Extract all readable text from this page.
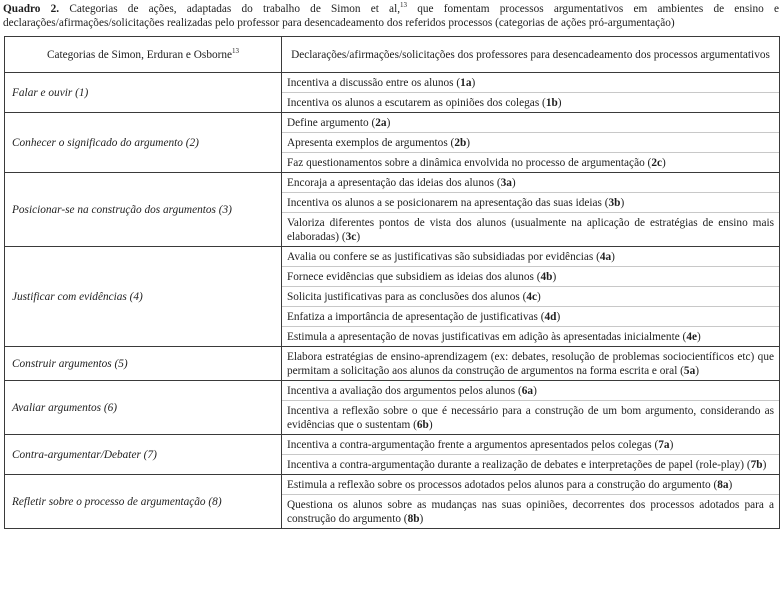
Quadro 2. Categorias de ações, adaptadas do trabalho de Simon et al,$^{13}$ que fomentam processos argumentativos em ambientes de ensino e declarações/afirmações/solicitações realizadas pelo professor para desencadeamento dos referidos processos (categorias de ações pró-argumentação)
Categorias de Simon, Erduran e Osborne$^{13}$	Declarações/afirmações/solicitações dos professores para desencadeamento dos processos argumentativos
Falar e ouvir (1)	Incentiva a discussão entre os alunos (1a)
Incentiva os alunos a escutarem as opiniões dos colegas (1b)

Conhecer o significado do argumento (2)	Define argumento (2a)
Apresenta exemplos de argumentos (2b)
Faz questionamentos sobre a dinâmica envolvida no processo de argumentação (2c)

Posicionar-se na construção dos argumentos (3)	Encoraja a apresentação das ideias dos alunos (3a)
Incentiva os alunos a se posicionarem na apresentação das suas ideias (3b)
Valoriza diferentes pontos de vista dos alunos (usualmente na aplicação de estratégias de ensino mais elaboradas) (3c)

Justificar com evidências (4)	Avalia ou confere se as justificativas são subsidiadas por evidências (4a)
Fornece evidências que subsidiem as ideias dos alunos (4b)
Solicita justificativas para as conclusões dos alunos (4c)
Enfatiza a importância de apresentação de justificativas (4d)
Estimula a apresentação de novas justificativas em adição às apresentadas inicialmente (4e)

Construir argumentos (5)	Elabora estratégias de ensino-aprendizagem (ex: debates, resolução de problemas sociocientíficos etc) que permitam a solicitação aos alunos da construção de argumentos na forma escrita e oral (5a)

Avaliar argumentos (6)	Incentiva a avaliação dos argumentos pelos alunos (6a)
Incentiva a reflexão sobre o que é necessário para a construção de um bom argumento, considerando as evidências que o sustentam (6b)

Contra-argumentar/Debater (7)	Incentiva a contra-argumentação frente a argumentos apresentados pelos colegas (7a)
Incentiva a contra-argumentação durante a realização de debates e interpretações de papel (role-play) (7b)

Refletir sobre o processo de argumentação (8)	Estimula a reflexão sobre os processos adotados pelos alunos para a construção do argumento (8a)
Questiona os alunos sobre as mudanças nas suas opiniões, decorrentes dos processos adotados para a construção do argumento (8b)
